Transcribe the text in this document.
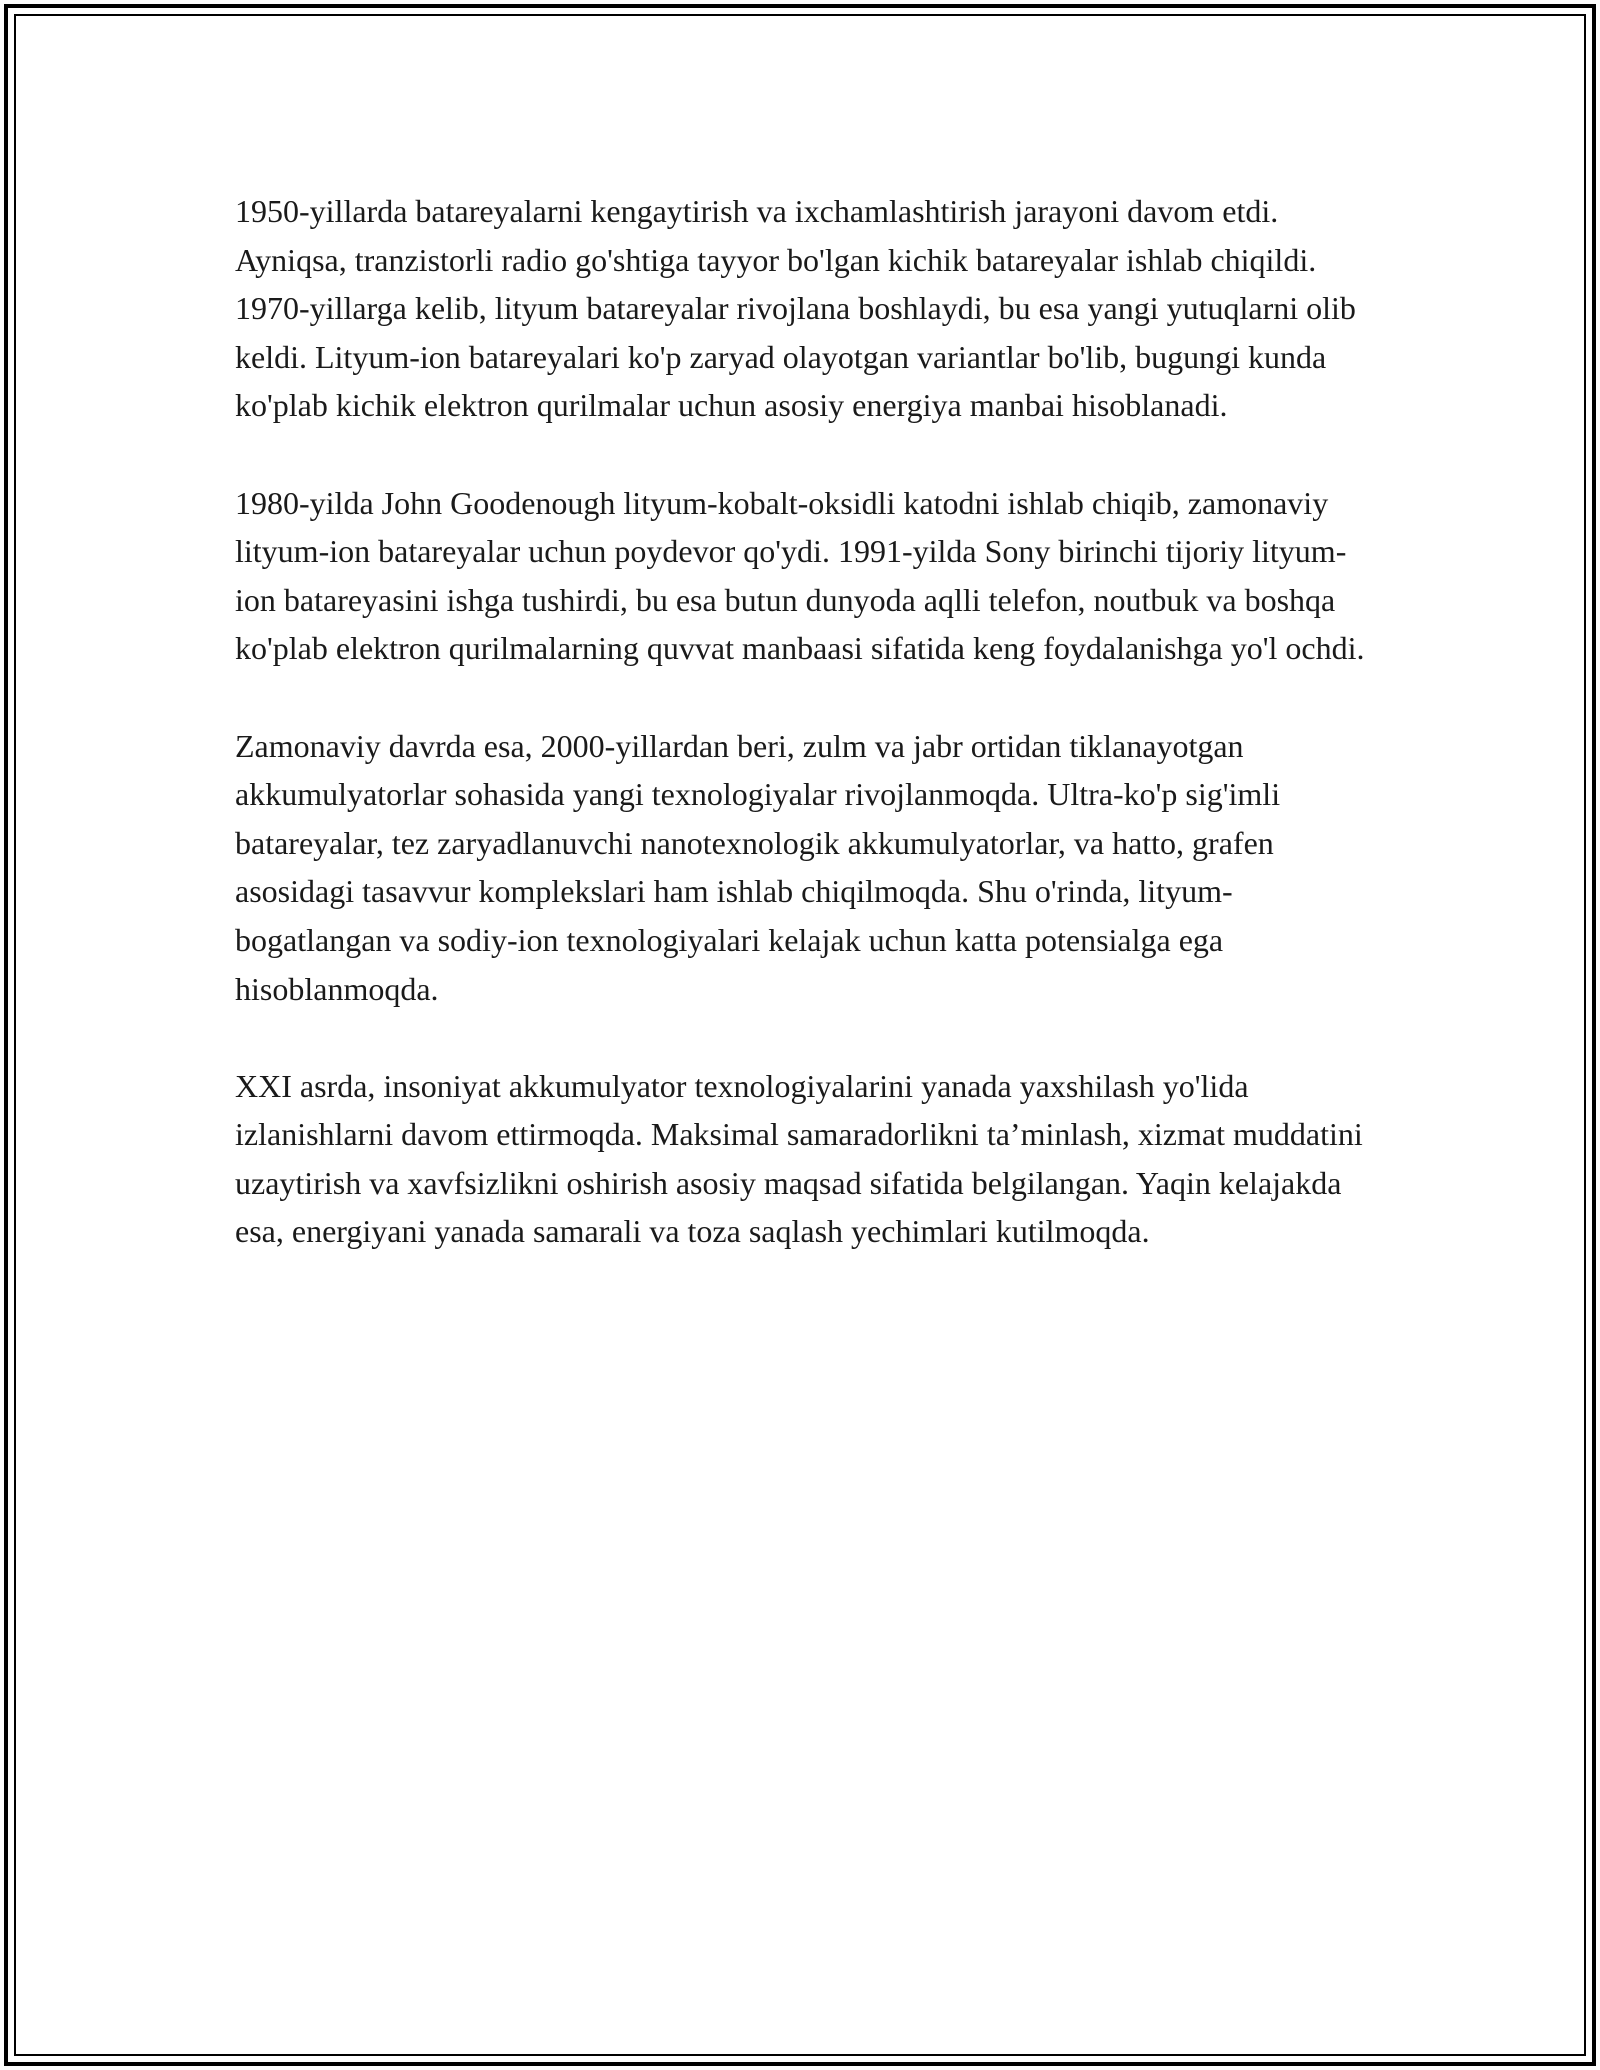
1950-yillarda batareyalarni kengaytirish va ixchamlashtirish jarayoni davom etdi. Ayniqsa, tranzistorli radio go'shtiga tayyor bo'lgan kichik batareyalar ishlab chiqildi. 1970-yillarga kelib, lityum batareyalar rivojlana boshlaydi, bu esa yangi yutuqlarni olib keldi. Lityum-ion batareyalari ko'p zaryad olayotgan variantlar bo'lib, bugungi kunda ko'plab kichik elektron qurilmalar uchun asosiy energiya manbai hisoblanadi.

1980-yilda John Goodenough lityum-kobalt-oksidli katodni ishlab chiqib, zamonaviy lityum-ion batareyalar uchun poydevor qo'ydi. 1991-yilda Sony birinchi tijoriy lityum-ion batareyasini ishga tushirdi, bu esa butun dunyoda aqlli telefon, noutbuk va boshqa ko'plab elektron qurilmalarning quvvat manbaasi sifatida keng foydalanishga yo'l ochdi.

Zamonaviy davrda esa, 2000-yillardan beri, zulm va jabr ortidan tiklanayotgan akkumulyatorlar sohasida yangi texnologiyalar rivojlanmoqda. Ultra-ko'p sig'imli batareyalar, tez zaryadlanuvchi nanotexnologik akkumulyatorlar, va hatto, grafen asosidagi tasavvur komplekslari ham ishlab chiqilmoqda. Shu o'rinda, lityum-bogatlangan va sodiy-ion texnologiyalari kelajak uchun katta potensialga ega hisoblanmoqda.

XXI asrda, insoniyat akkumulyator texnologiyalarini yanada yaxshilash yo'lida izlanishlarni davom ettirmoqda. Maksimal samaradorlikni ta’minlash, xizmat muddatini uzaytirish va xavfsizlikni oshirish asosiy maqsad sifatida belgilangan. Yaqin kelajakda esa, energiyani yanada samarali va toza saqlash yechimlari kutilmoqda.
